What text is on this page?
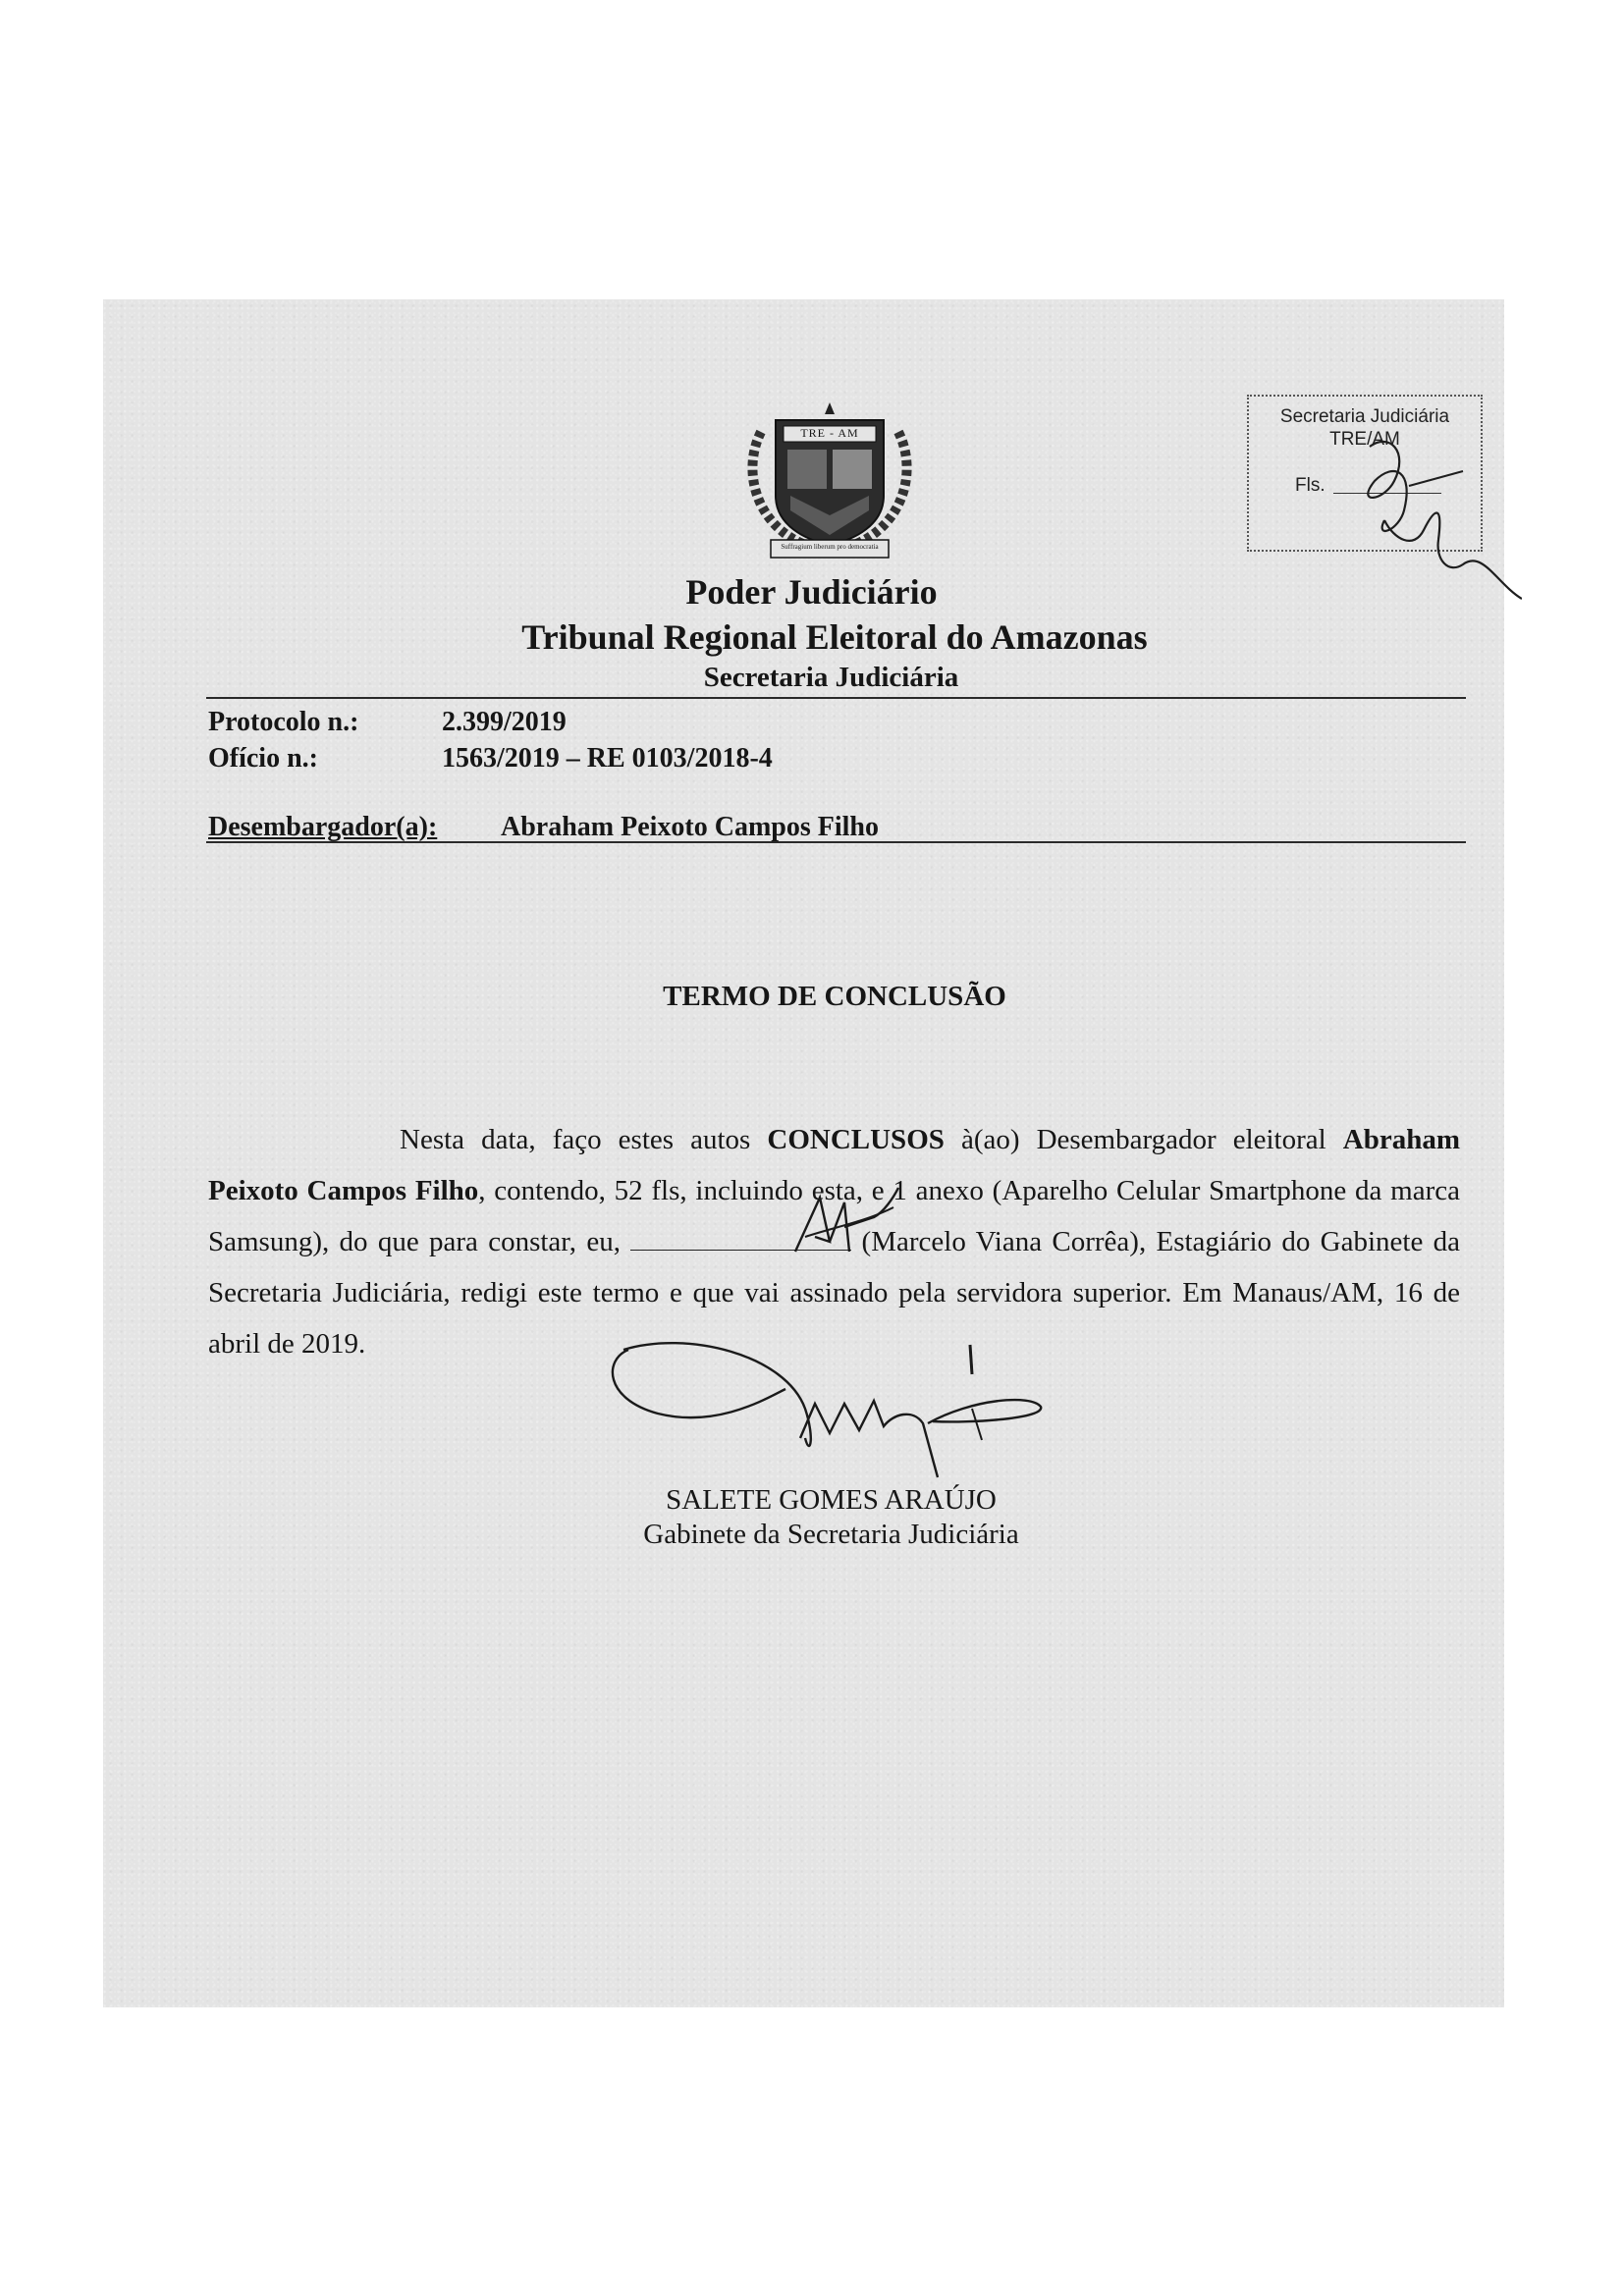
Secretaria Judiciária
TRE/AM
Fls.
TRE - AM
Suffragium liberum pro democratia
Poder Judiciário
Tribunal Regional Eleitoral do Amazonas
Secretaria Judiciária
Protocolo n.:	2.399/2019
Ofício n.:	1563/2019 – RE 0103/2018-4
Desembargador(a): Abraham Peixoto Campos Filho
TERMO DE CONCLUSÃO
Nesta data, faço estes autos CONCLUSOS à(ao) Desembargador eleitoral Abraham Peixoto Campos Filho, contendo, 52 fls, incluindo esta, e 1 anexo (Aparelho Celular Smartphone da marca Samsung), do que para constar, eu,	(Marcelo Viana Corrêa), Estagiário do Gabinete da Secretaria Judiciária, redigi este termo e que vai assinado pela servidora superior. Em Manaus/AM, 16 de abril de 2019.
SALETE GOMES ARAÚJO
Gabinete da Secretaria Judiciária
